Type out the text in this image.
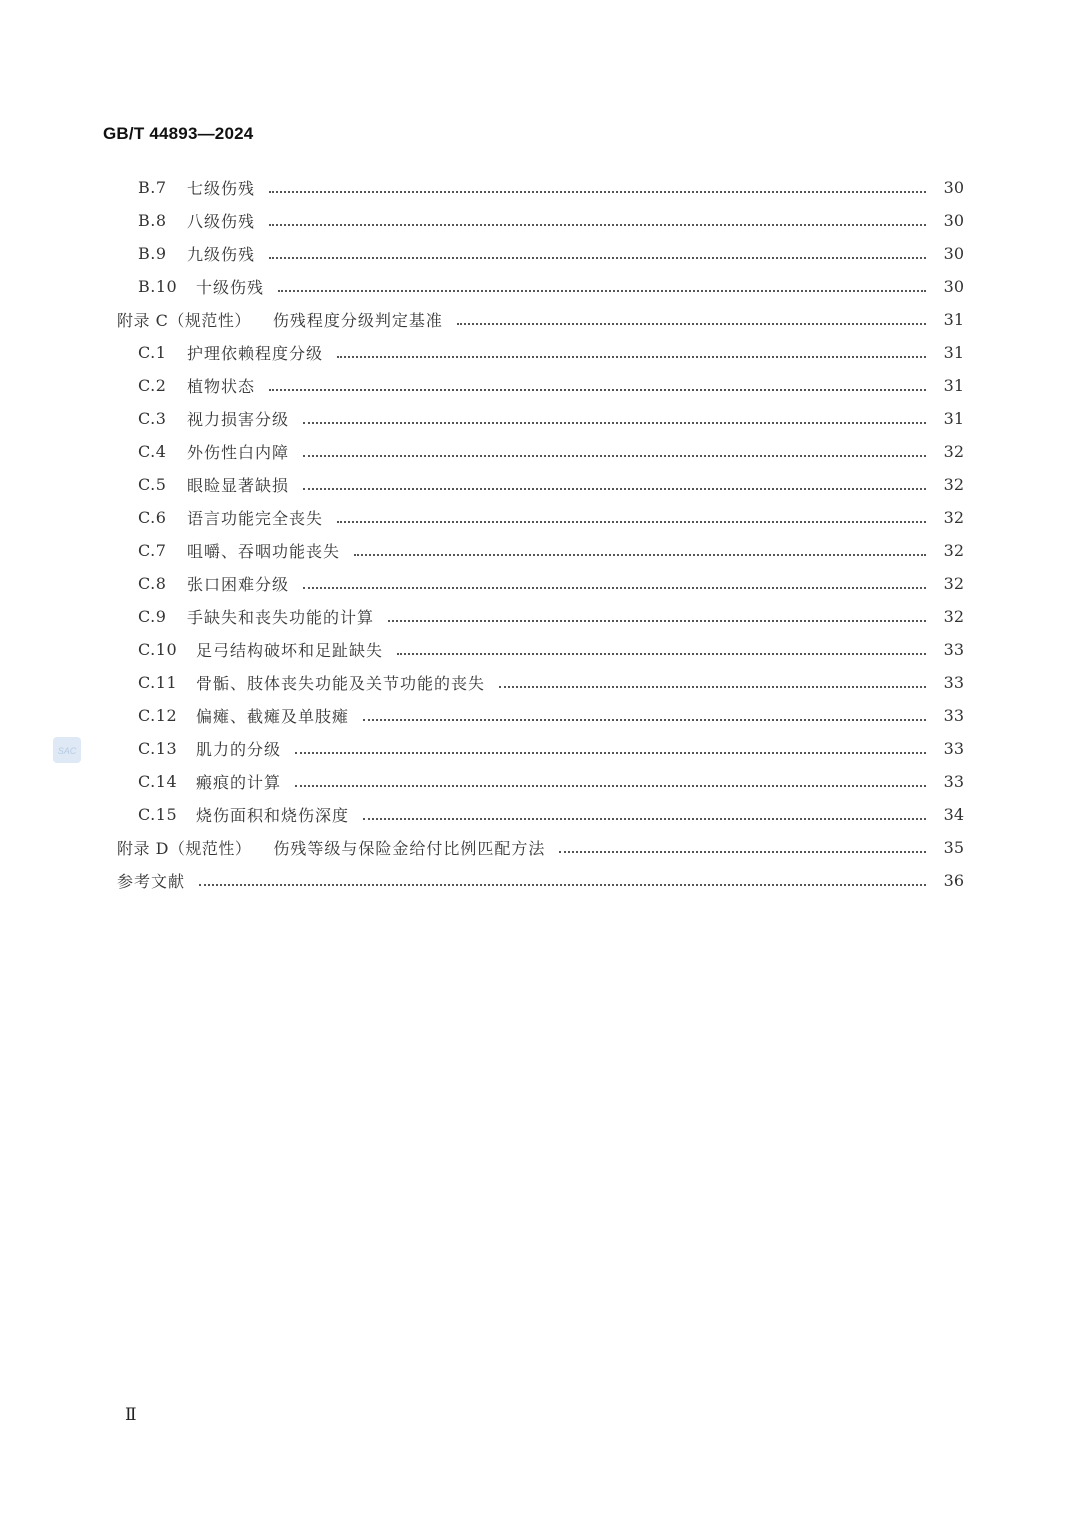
GB/T 44893—2024
B.7	七级伤残	30
B.8	八级伤残	30
B.9	九级伤残	30
B.10	十级伤残	30
附录 C（规范性） 伤残程度分级判定基准	31
C.1	护理依赖程度分级	31
C.2	植物状态	31
C.3	视力损害分级	31
C.4	外伤性白内障	32
C.5	眼睑显著缺损	32
C.6	语言功能完全丧失	32
C.7	咀嚼、吞咽功能丧失	32
C.8	张口困难分级	32
C.9	手缺失和丧失功能的计算	32
C.10	足弓结构破坏和足趾缺失	33
C.11	骨骺、肢体丧失功能及关节功能的丧失	33
C.12	偏瘫、截瘫及单肢瘫	33
C.13	肌力的分级	33
C.14	瘢痕的计算	33
C.15	烧伤面积和烧伤深度	34
附录 D（规范性） 伤残等级与保险金给付比例匹配方法	35
参考文献	36
SAC
Ⅱ
